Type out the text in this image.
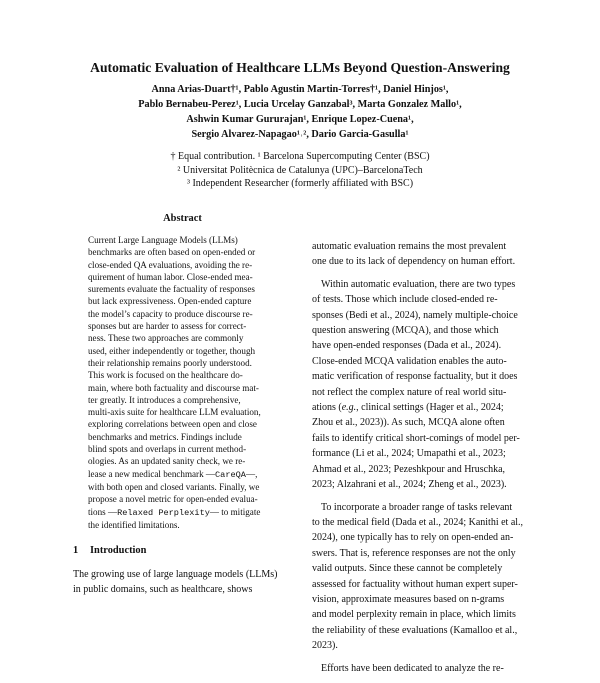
Automatic Evaluation of Healthcare LLMs Beyond Question-Answering
Anna Arias-Duart†¹, Pablo Agustin Martin-Torres†¹, Daniel Hinjos¹,
Pablo Bernabeu-Perez¹, Lucia Urcelay Ganzabal³, Marta Gonzalez Mallo¹,
Ashwin Kumar Gururajan¹, Enrique Lopez-Cuena¹,
Sergio Alvarez-Napagao¹˒², Dario Garcia-Gasulla¹
† Equal contribution. ¹ Barcelona Supercomputing Center (BSC)
² Universitat Politècnica de Catalunya (UPC)–BarcelonaTech
³ Independent Researcher (formerly affiliated with BSC)
Abstract
Current Large Language Models (LLMs)
benchmarks are often based on open-ended or
close-ended QA evaluations, avoiding the re-
quirement of human labor. Close-ended mea-
surements evaluate the factuality of responses
but lack expressiveness. Open-ended capture
the model’s capacity to produce discourse re-
sponses but are harder to assess for correct-
ness. These two approaches are commonly
used, either independently or together, though
their relationship remains poorly understood.
This work is focused on the healthcare do-
main, where both factuality and discourse mat-
ter greatly. It introduces a comprehensive,
multi-axis suite for healthcare LLM evaluation,
exploring correlations between open and close
benchmarks and metrics. Findings include
blind spots and overlaps in current method-
ologies. As an updated sanity check, we re-
lease a new medical benchmark —CareQA—,
with both open and closed variants. Finally, we
propose a novel metric for open-ended evalua-
tions —Relaxed Perplexity— to mitigate
the identified limitations.
1 Introduction
The growing use of large language models (LLMs)
in public domains, such as healthcare, shows
automatic evaluation remains the most prevalent
one due to its lack of dependency on human effort.
Within automatic evaluation, there are two types
of tests. Those which include closed-ended re-
sponses (Bedi et al., 2024), namely multiple-choice
question answering (MCQA), and those which
have open-ended responses (Dada et al., 2024).
Close-ended MCQA validation enables the auto-
matic verification of response factuality, but it does
not reflect the complex nature of real world situ-
ations (e.g., clinical settings (Hager et al., 2024;
Zhou et al., 2023)). As such, MCQA alone often
fails to identify critical short-comings of model per-
formance (Li et al., 2024; Umapathi et al., 2023;
Ahmad et al., 2023; Pezeshkpour and Hruschka,
2023; Alzahrani et al., 2024; Zheng et al., 2023).
To incorporate a broader range of tasks relevant
to the medical field (Dada et al., 2024; Kanithi et al.,
2024), one typically has to rely on open-ended an-
swers. That is, reference responses are not the only
valid outputs. Since these cannot be completely
assessed for factuality without human expert super-
vision, approximate measures based on n-grams
and model perplexity remain in place, which limits
the reliability of these evaluations (Kamalloo et al.,
2023).
Efforts have been dedicated to analyze the re-
